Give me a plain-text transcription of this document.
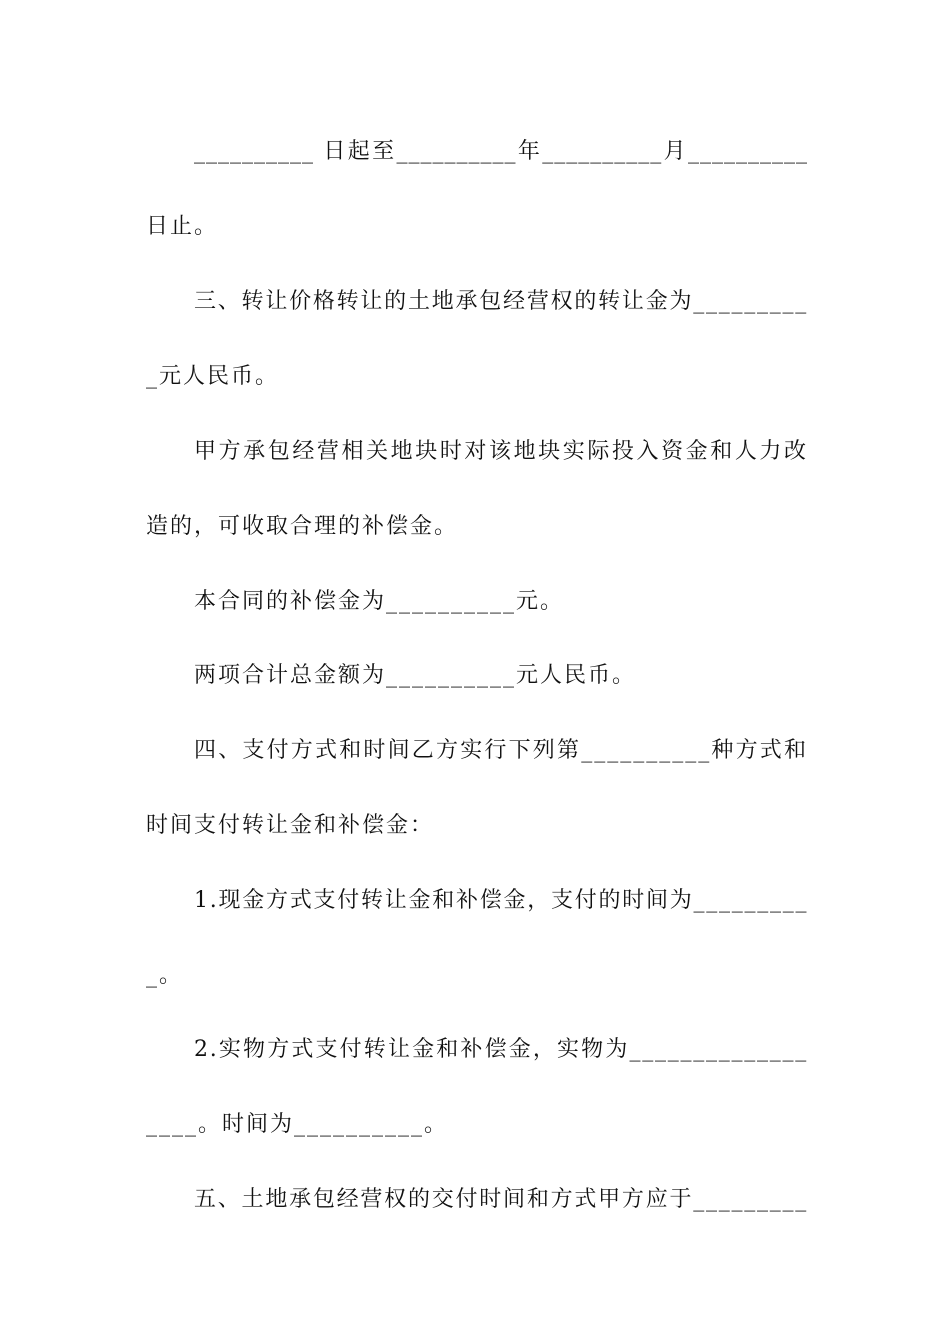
__________ 日起至__________年__________月__________
日止。
三、转让价格转让的土地承包经营权的转让金为_________
_元人民币。
甲方承包经营相关地块时对该地块实际投入资金和人力改
造的，可收取合理的补偿金。
本合同的补偿金为__________元。
两项合计总金额为__________元人民币。
四、支付方式和时间乙方实行下列第__________种方式和
时间支付转让金和补偿金：
1.现金方式支付转让金和补偿金，支付的时间为_________
_。
2.实物方式支付转让金和补偿金，实物为______________
____。时间为__________。
五、土地承包经营权的交付时间和方式甲方应于_________
